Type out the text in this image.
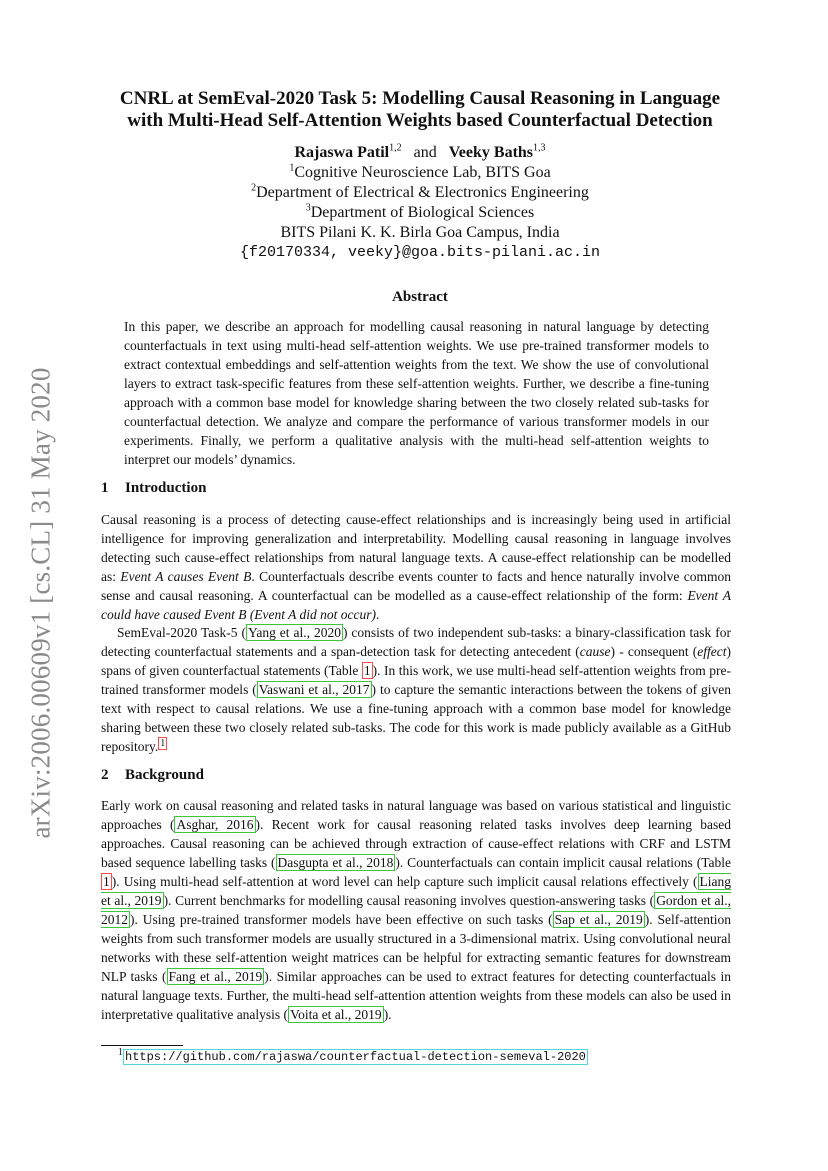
arXiv:2006.00609v1 [cs.CL] 31 May 2020
CNRL at SemEval-2020 Task 5: Modelling Causal Reasoning in Language
with Multi-Head Self-Attention Weights based Counterfactual Detection
Rajaswa Patil$^{1,2}$ and Veeky Baths$^{1,3}$
$^1$Cognitive Neuroscience Lab, BITS Goa
$^2$Department of Electrical & Electronics Engineering
$^3$Department of Biological Sciences
BITS Pilani K. K. Birla Goa Campus, India
{f20170334, veeky}@goa.bits-pilani.ac.in
Abstract
In this paper, we describe an approach for modelling causal reasoning in natural language by detecting counterfactuals in text using multi-head self-attention weights. We use pre-trained transformer models to extract contextual embeddings and self-attention weights from the text. We show the use of convolutional layers to extract task-specific features from these self-attention weights. Further, we describe a fine-tuning approach with a common base model for knowledge sharing between the two closely related sub-tasks for counterfactual detection. We analyze and compare the performance of various transformer models in our experiments. Finally, we perform a qualitative analysis with the multi-head self-attention weights to interpret our models’ dynamics.
1 Introduction

Causal reasoning is a process of detecting cause-effect relationships and is increasingly being used in artificial intelligence for improving generalization and interpretability. Modelling causal reasoning in language involves detecting such cause-effect relationships from natural language texts. A cause-effect relationship can be modelled as: Event A causes Event B. Counterfactuals describe events counter to facts and hence naturally involve common sense and causal reasoning. A counterfactual can be modelled as a cause-effect relationship of the form: Event A could have caused Event B (Event A did not occur).

SemEval-2020 Task-5 ( Yang et al., 2020 ) consists of two independent sub-tasks: a binary-classification task for detecting counterfactual statements and a span-detection task for detecting antecedent (cause) - consequent (effect) spans of given counterfactual statements (Table 1 ). In this work, we use multi-head self-attention weights from pre-trained transformer models ( Vaswani et al., 2017 ) to capture the semantic interactions between the tokens of given text with respect to causal relations. We use a fine-tuning approach with a common base model for knowledge sharing between these two closely related sub-tasks. The code for this work is made publicly available as a GitHub repository. $^1$

2 Background

Early work on causal reasoning and related tasks in natural language was based on various statistical and linguistic approaches ( Asghar, 2016 ). Recent work for causal reasoning related tasks involves deep learning based approaches. Causal reasoning can be achieved through extraction of cause-effect relations with CRF and LSTM based sequence labelling tasks ( Dasgupta et al., 2018 ). Counterfactuals can contain implicit causal relations (Table 1 ). Using multi-head self-attention at word level can help capture such implicit causal relations effectively ( Liang et al., 2019 ). Current benchmarks for modelling causal reasoning involves question-answering tasks ( Gordon et al., 2012 ). Using pre-trained transformer models have been effective on such tasks ( Sap et al., 2019 ). Self-attention weights from such transformer models are usually structured in a 3-dimensional matrix. Using convolutional neural networks with these self-attention weight matrices can be helpful for extracting semantic features for downstream NLP tasks ( Fang et al., 2019 ). Similar approaches can be used to extract features for detecting counterfactuals in natural language texts. Further, the multi-head self-attention attention weights from these models can also be used in interpretative qualitative analysis ( Voita et al., 2019 ).

$^1$ https://github.com/rajaswa/counterfactual-detection-semeval-2020
